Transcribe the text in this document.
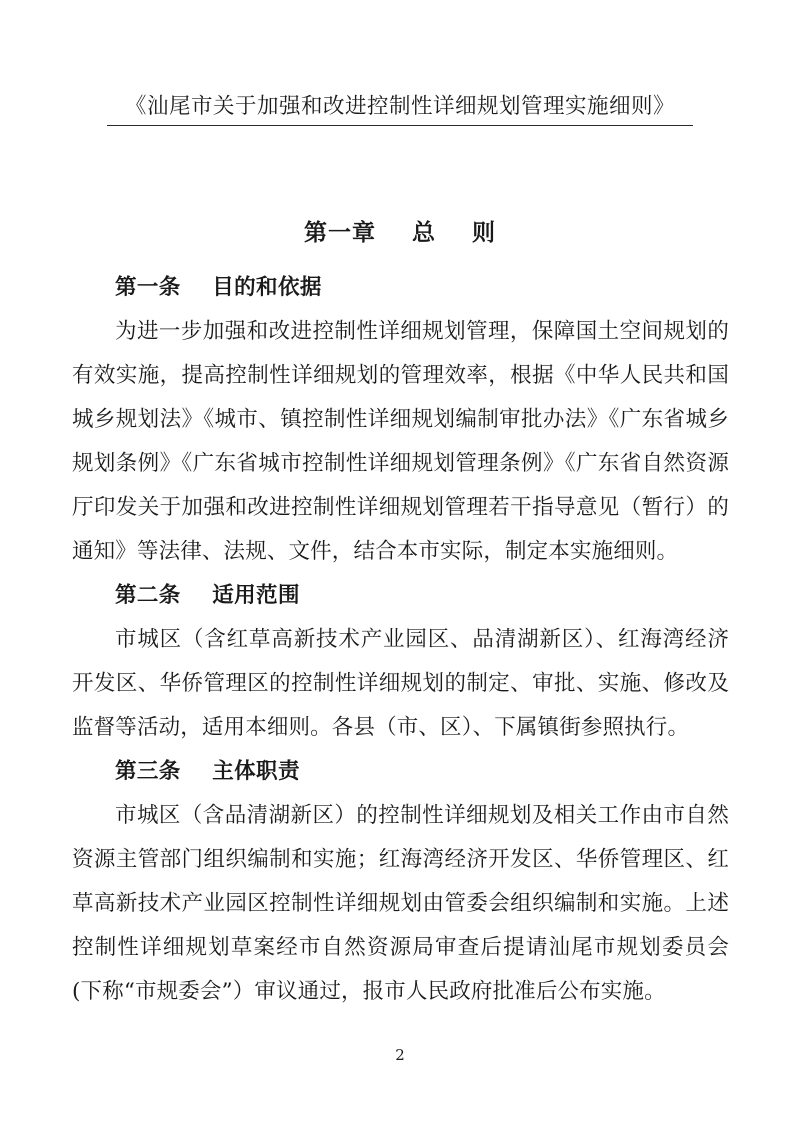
《汕尾市关于加强和改进控制性详细规划管理实施细则》
第一章    总    则

第一条    目的和依据

为进一步加强和改进控制性详细规划管理，保障国土空间规划的有效实施，提高控制性详细规划的管理效率，根据《中华人民共和国城乡规划法》《城市、镇控制性详细规划编制审批办法》《广东省城乡规划条例》《广东省城市控制性详细规划管理条例》《广东省自然资源厅印发关于加强和改进控制性详细规划管理若干指导意见（暂行）的通知》等法律、法规、文件，结合本市实际，制定本实施细则。

第二条    适用范围

市城区（含红草高新技术产业园区、品清湖新区）、红海湾经济开发区、华侨管理区的控制性详细规划的制定、审批、实施、修改及监督等活动，适用本细则。各县（市、区）、下属镇街参照执行。

第三条    主体职责

市城区（含品清湖新区）的控制性详细规划及相关工作由市自然资源主管部门组织编制和实施；红海湾经济开发区、华侨管理区、红草高新技术产业园区控制性详细规划由管委会组织编制和实施。上述控制性详细规划草案经市自然资源局审查后提请汕尾市规划委员会(下称“市规委会”）审议通过，报市人民政府批准后公布实施。

2
